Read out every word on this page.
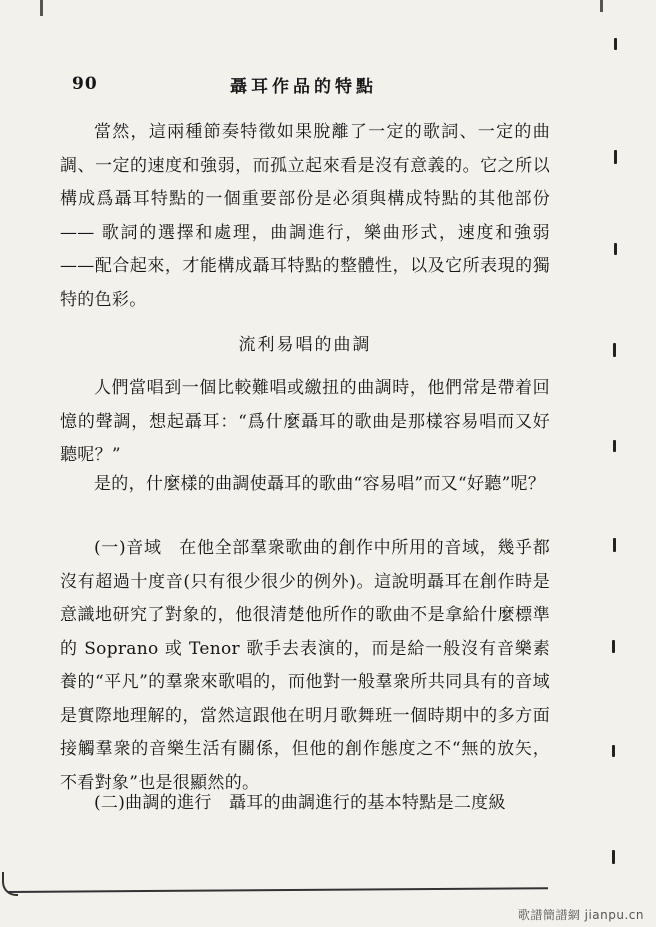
90	聶耳作品的特點

當然，這兩種節奏特徵如果脫離了一定的歌詞、一定的曲調、一定的速度和強弱，而孤立起來看是沒有意義的。它之所以構成爲聶耳特點的一個重要部份是必須與構成特點的其他部份 —— 歌詞的選擇和處理，曲調進行，樂曲形式，速度和強弱——配合起來，才能構成聶耳特點的整體性，以及它所表現的獨特的色彩。

流利易唱的曲調

人們當唱到一個比較難唱或繳扭的曲調時，他們常是帶着回憶的聲調，想起聶耳：“爲什麼聶耳的歌曲是那樣容易唱而又好聽呢？”

是的，什麼樣的曲調使聶耳的歌曲“容易唱”而又“好聽”呢？

(一)音域　在他全部羣衆歌曲的創作中所用的音域，幾乎都沒有超過十度音(只有很少很少的例外)。這說明聶耳在創作時是意識地研究了對象的，他很清楚他所作的歌曲不是拿給什麼標準的 Soprano 或 Tenor 歌手去表演的，而是給一般沒有音樂素養的“平凡”的羣衆來歌唱的，而他對一般羣衆所共同具有的音域是實際地理解的，當然這跟他在明月歌舞班一個時期中的多方面接觸羣衆的音樂生活有關係，但他的創作態度之不“無的放矢，不看對象”也是很顯然的。

(二)曲調的進行　聶耳的曲調進行的基本特點是二度級

歌譜簡譜網 jianpu.cn
